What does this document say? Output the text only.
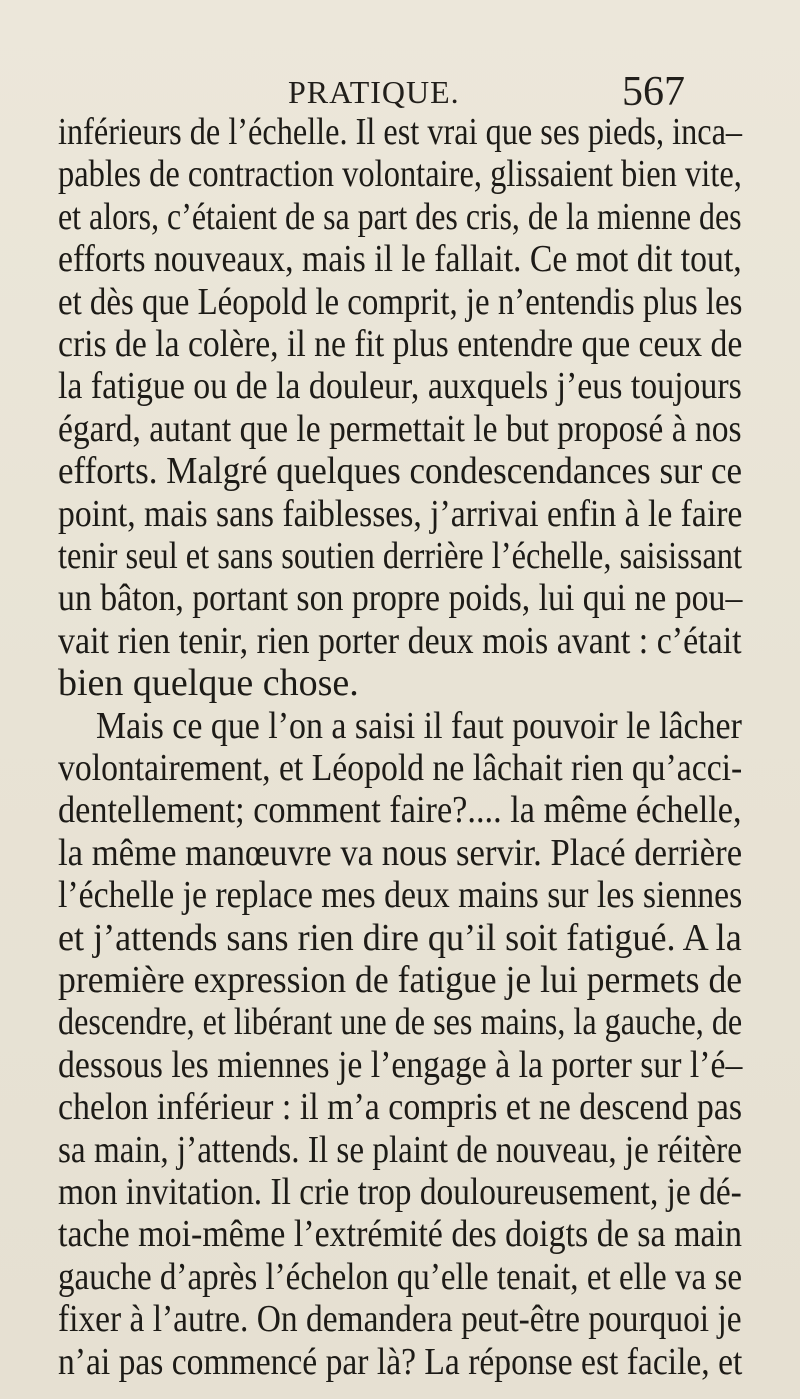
PRATIQUE.	567
inférieurs de l’échelle. Il est vrai que ses pieds, inca–
pables de contraction volontaire, glissaient bien vite,
et alors, c’étaient de sa part des cris, de la mienne des
efforts nouveaux, mais il le fallait. Ce mot dit tout,
et dès que Léopold le comprit, je n’entendis plus les
cris de la colère, il ne fit plus entendre que ceux de
la fatigue ou de la douleur, auxquels j’eus toujours
égard, autant que le permettait le but proposé à nos
efforts. Malgré quelques condescendances sur ce
point, mais sans faiblesses, j’arrivai enfin à le faire
tenir seul et sans soutien derrière l’échelle, saisissant
un bâton, portant son propre poids, lui qui ne pou–
vait rien tenir, rien porter deux mois avant : c’était
bien quelque chose.
Mais ce que l’on a saisi il faut pouvoir le lâcher
volontairement, et Léopold ne lâchait rien qu’acci-
dentellement; comment faire?.... la même échelle,
la même manœuvre va nous servir. Placé derrière
l’échelle je replace mes deux mains sur les siennes
et j’attends sans rien dire qu’il soit fatigué. A la
première expression de fatigue je lui permets de
descendre, et libérant une de ses mains, la gauche, de
dessous les miennes je l’engage à la porter sur l’é–
chelon inférieur : il m’a compris et ne descend pas
sa main, j’attends. Il se plaint de nouveau, je réitère
mon invitation. Il crie trop douloureusement, je dé-
tache moi-même l’extrémité des doigts de sa main
gauche d’après l’échelon qu’elle tenait, et elle va se
fixer à l’autre. On demandera peut-être pourquoi je
n’ai pas commencé par là? La réponse est facile, et
